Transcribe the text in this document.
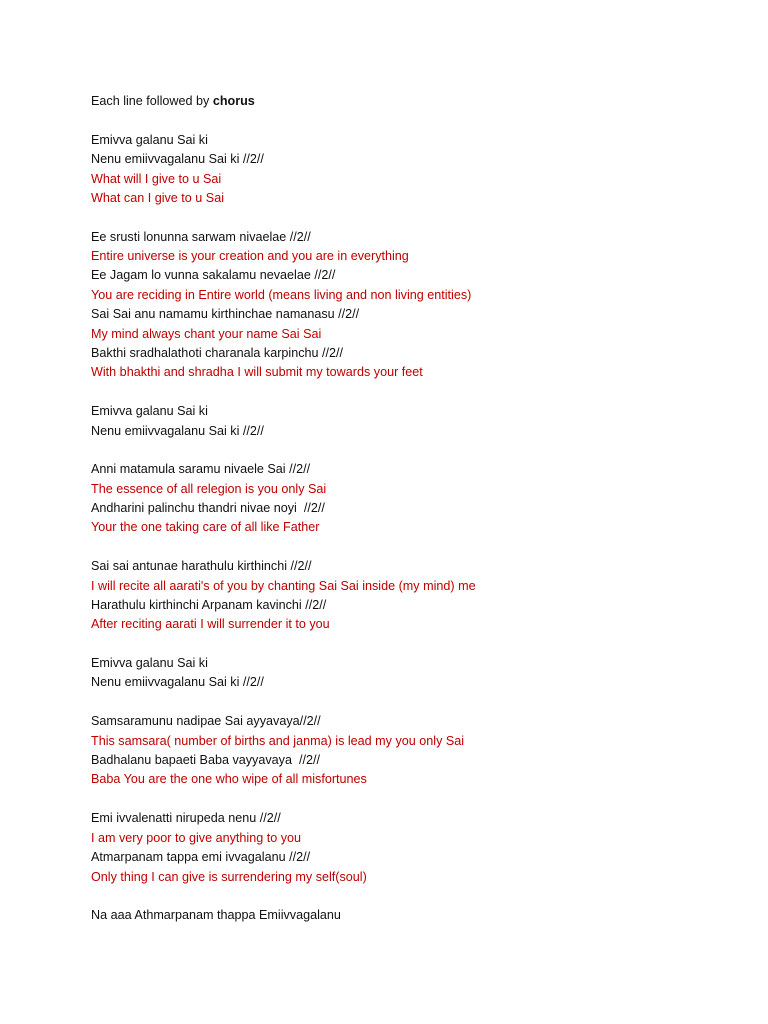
Each line followed by chorus
Emivva galanu Sai ki
Nenu emiivvagalanu Sai ki //2//
What will I give to u Sai
What can I give to u Sai
Ee srusti lonunna sarwam nivaelae //2//
Entire universe is your creation and you are in everything
Ee Jagam lo vunna sakalamu nevaelae //2//
You are reciding in Entire world (means living and non living entities)
Sai Sai anu namamu kirthinchae namanasu //2//
My mind always chant your name Sai Sai
Bakthi sradhalathoti charanala karpinchu //2//
With bhakthi and shradha I will submit my towards your feet
Emivva galanu Sai ki
Nenu emiivvagalanu Sai ki //2//
Anni matamula saramu nivaele Sai //2//
The essence of all relegion is you only Sai
Andharini palinchu thandri nivae noyi  //2//
Your the one taking care of all like Father
Sai sai antunae harathulu kirthinchi //2//
I will recite all aarati's of you by chanting Sai Sai inside (my mind) me
Harathulu kirthinchi Arpanam kavinchi //2//
After reciting aarati I will surrender it to you
Emivva galanu Sai ki
Nenu emiivvagalanu Sai ki //2//
Samsaramunu nadipae Sai ayyavaya//2//
This samsara( number of births and janma) is lead my you only Sai
Badhalanu bapaeti Baba vayyavaya  //2//
Baba You are the one who wipe of all misfortunes
Emi ivvalenatti nirupeda nenu //2//
I am very poor to give anything to you
Atmarpanam tappa emi ivvagalanu //2//
Only thing I can give is surrendering my self(soul)
Na aaa Athmarpanam thappa Emiivvagalanu
